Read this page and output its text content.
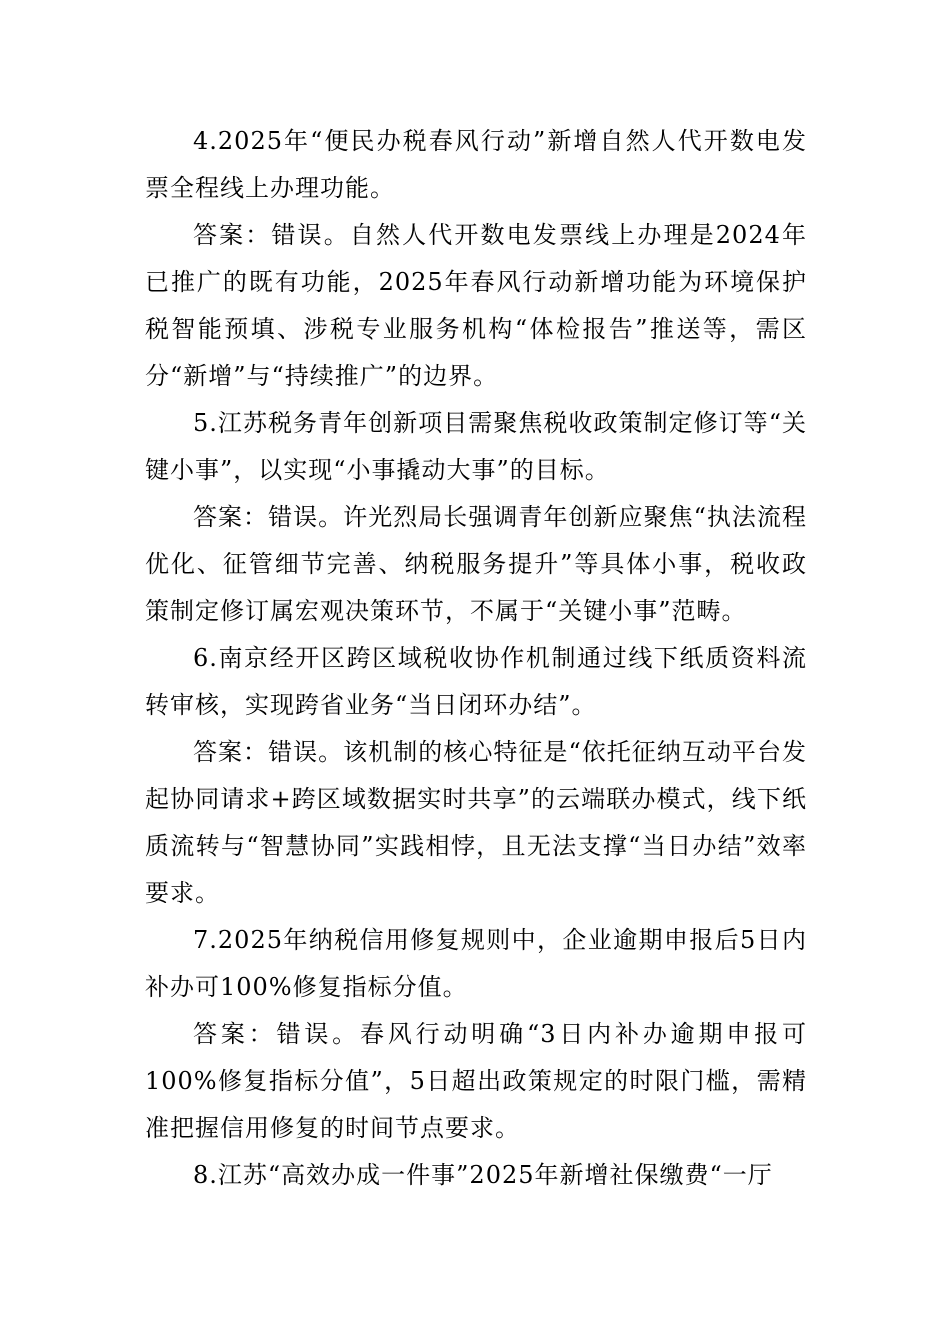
4.2025年“便民办税春风行动”新增自然人代开数电发票全程线上办理功能。

答案：错误。自然人代开数电发票线上办理是2024年已推广的既有功能，2025年春风行动新增功能为环境保护税智能预填、涉税专业服务机构“体检报告”推送等，需区分“新增”与“持续推广”的边界。

5.江苏税务青年创新项目需聚焦税收政策制定修订等“关键小事”，以实现“小事撬动大事”的目标。

答案：错误。许光烈局长强调青年创新应聚焦“执法流程优化、征管细节完善、纳税服务提升”等具体小事，税收政策制定修订属宏观决策环节，不属于“关键小事”范畴。

6.南京经开区跨区域税收协作机制通过线下纸质资料流转审核，实现跨省业务“当日闭环办结”。

答案：错误。该机制的核心特征是“依托征纳互动平台发起协同请求+跨区域数据实时共享”的云端联办模式，线下纸质流转与“智慧协同”实践相悖，且无法支撑“当日办结”效率要求。

7.2025年纳税信用修复规则中，企业逾期申报后5日内补办可100%修复指标分值。

答案：错误。春风行动明确“3日内补办逾期申报可100%修复指标分值”，5日超出政策规定的时限门槛，需精准把握信用修复的时间节点要求。

8.江苏“高效办成一件事”2025年新增社保缴费“一厅
